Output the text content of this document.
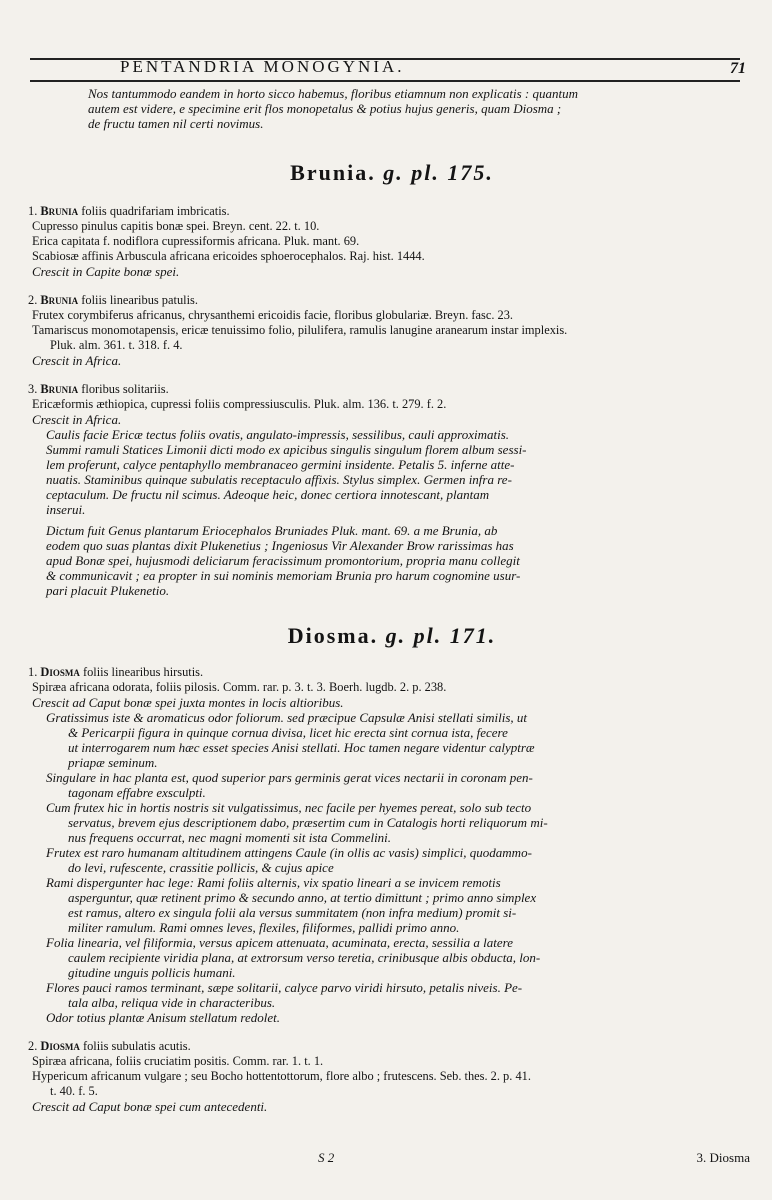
PENTANDRIA MONOGYNIA.	71
Nos tantummodo eandem in horto sicco habemus, floribus etiamnum non explicatis : quantum
autem est videre, e specimine erit flos monopetalus & potius hujus generis, quam Diosma ;
de fructu tamen nil certi novimus.
Brunia. g. pl. 175.
1. Brunia foliis quadrifariam imbricatis.
Cupresso pinulus capitis bonæ spei. Breyn. cent. 22. t. 10.
Erica capitata f. nodiflora cupressiformis africana. Pluk. mant. 69.
Scabiosæ affinis Arbuscula africana ericoides sphoerocephalos. Raj. hist. 1444.
Crescit in Capite bonæ spei.
2. Brunia foliis linearibus patulis.
Frutex corymbiferus africanus, chrysanthemi ericoidis facie, floribus globulariæ. Breyn. fasc. 23.
Tamariscus monomotapensis, ericæ tenuissimo folio, pilulifera, ramulis lanugine aranearum instar implexis.
Pluk. alm. 361. t. 318. f. 4.
Crescit in Africa.
3. Brunia floribus solitariis.
Ericæformis æthiopica, cupressi foliis compressiusculis. Pluk. alm. 136. t. 279. f. 2.
Crescit in Africa.
Caulis facie Ericæ tectus foliis ovatis, angulato-impressis, sessilibus, cauli approximatis.
Summi ramuli Statices Limonii dicti modo ex apicibus singulis singulum florem album sessi-
lem proferunt, calyce pentaphyllo membranaceo germini insidente. Petalis 5. inferne atte-
nuatis. Staminibus quinque subulatis receptaculo affixis. Stylus simplex. Germen infra re-
ceptaculum. De fructu nil scimus. Adeoque heic, donec certiora innotescant, plantam
inserui.
Dictum fuit Genus plantarum Eriocephalos Bruniades Pluk. mant. 69. a me Brunia, ab
eodem quo suas plantas dixit Plukenetius ; Ingeniosus Vir Alexander Brow rarissimas has
apud Bonæ spei, hujusmodi deliciarum feracissimum promontorium, propria manu collegit
& communicavit ; ea propter in sui nominis memoriam Brunia pro harum cognomine usur-
pari placuit Plukenetio.
Diosma. g. pl. 171.
1. Diosma foliis linearibus hirsutis.
Spiræa africana odorata, foliis pilosis. Comm. rar. p. 3. t. 3. Boerh. lugdb. 2. p. 238.
Crescit ad Caput bonæ spei juxta montes in locis altioribus.
Gratissimus iste & aromaticus odor foliorum. sed præcipue Capsulæ Anisi stellati similis, ut
& Pericarpii figura in quinque cornua divisa, licet hic erecta sint cornua ista, fecere
ut interrogarem num hæc esset species Anisi stellati. Hoc tamen negare videntur calyptræ
priapæ seminum.
Singulare in hac planta est, quod superior pars germinis gerat vices nectarii in coronam pen-
tagonam effabre exsculpti.
Cum frutex hic in hortis nostris sit vulgatissimus, nec facile per hyemes pereat, solo sub tecto
servatus, brevem ejus descriptionem dabo, præsertim cum in Catalogis horti reliquorum mi-
nus frequens occurrat, nec magni momenti sit ista Commelini.
Frutex est raro humanam altitudinem attingens Caule (in ollis ac vasis) simplici, quodammo-
do levi, rufescente, crassitie pollicis, & cujus apice
Rami dispergunter hac lege: Rami foliis alternis, vix spatio lineari a se invicem remotis
asperguntur, quæ retinent primo & secundo anno, at tertio dimittunt ; primo anno simplex
est ramus, altero ex singula folii ala versus summitatem (non infra medium) promit si-
militer ramulum. Rami omnes leves, flexiles, filiformes, pallidi primo anno.
Folia linearia, vel filiformia, versus apicem attenuata, acuminata, erecta, sessilia a latere
caulem recipiente viridia plana, at extrorsum verso teretia, crinibusque albis obducta, lon-
gitudine unguis pollicis humani.
Flores pauci ramos terminant, sæpe solitarii, calyce parvo viridi hirsuto, petalis niveis. Pe-
tala alba, reliqua vide in characteribus.
Odor totius plantæ Anisum stellatum redolet.
2. Diosma foliis subulatis acutis.
Spiræa africana, foliis cruciatim positis. Comm. rar. 1. t. 1.
Hypericum africanum vulgare ; seu Bocho hottentottorum, flore albo ; frutescens. Seb. thes. 2. p. 41.
t. 40. f. 5.
Crescit ad Caput bonæ spei cum antecedenti.
S 2	3. Diosma
